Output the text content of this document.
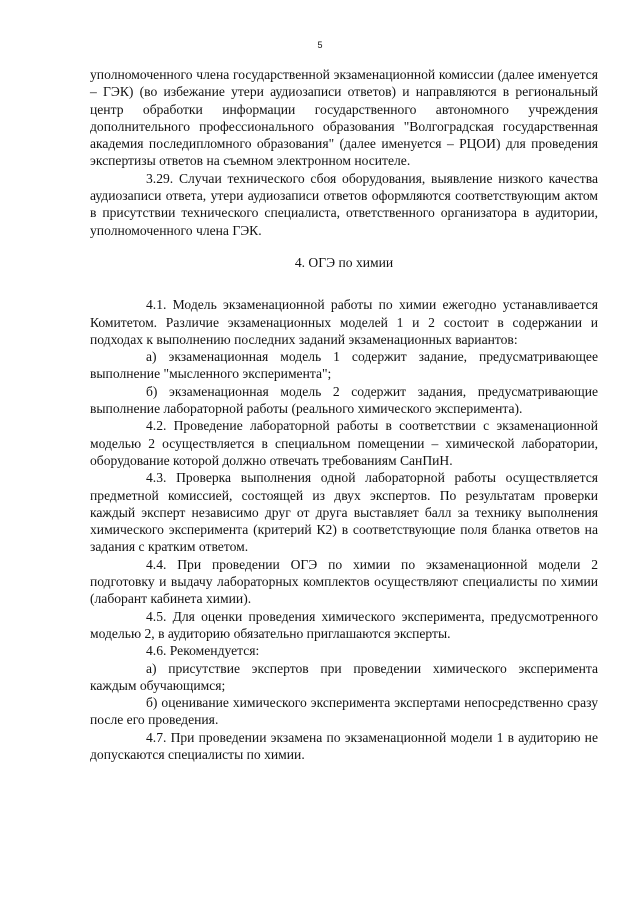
5

уполномоченного члена государственной экзаменационной комиссии (далее именуется – ГЭК) (во избежание утери аудиозаписи ответов) и направляются в региональный центр обработки информации государственного автономного учреждения дополнительного профессионального образования "Волгоградская государственная академия последипломного образования" (далее именуется – РЦОИ) для проведения экспертизы ответов на съемном электронном носителе.

3.29. Случаи технического сбоя оборудования, выявление низкого качества аудиозаписи ответа, утери аудиозаписи ответов оформляются соответствующим актом в присутствии технического специалиста, ответственного организатора в аудитории, уполномоченного члена ГЭК.

4. ОГЭ по химии

4.1. Модель экзаменационной работы по химии ежегодно устанавливается Комитетом. Различие экзаменационных моделей 1 и 2 состоит в содержании и подходах к выполнению последних заданий экзаменационных вариантов:

а) экзаменационная модель 1 содержит задание, предусматривающее выполнение "мысленного эксперимента";

б) экзаменационная модель 2 содержит задания, предусматривающие выполнение лабораторной работы (реального химического эксперимента).

4.2. Проведение лабораторной работы в соответствии с экзаменационной моделью 2 осуществляется в специальном помещении – химической лаборатории, оборудование которой должно отвечать требованиям СанПиН.

4.3. Проверка выполнения одной лабораторной работы осуществляется предметной комиссией, состоящей из двух экспертов. По результатам проверки каждый эксперт независимо друг от друга выставляет балл за технику выполнения химического эксперимента (критерий К2) в соответствующие поля бланка ответов на задания с кратким ответом.

4.4. При проведении ОГЭ по химии по экзаменационной модели 2 подготовку и выдачу лабораторных комплектов осуществляют специалисты по химии (лаборант кабинета химии).

4.5. Для оценки проведения химического эксперимента, предусмотренного моделью 2, в аудиторию обязательно приглашаются эксперты.

4.6. Рекомендуется:

а) присутствие экспертов при проведении химического эксперимента каждым обучающимся;

б) оценивание химического эксперимента экспертами непосредственно сразу после его проведения.

4.7. При проведении экзамена по экзаменационной модели 1 в аудиторию не допускаются специалисты по химии.
